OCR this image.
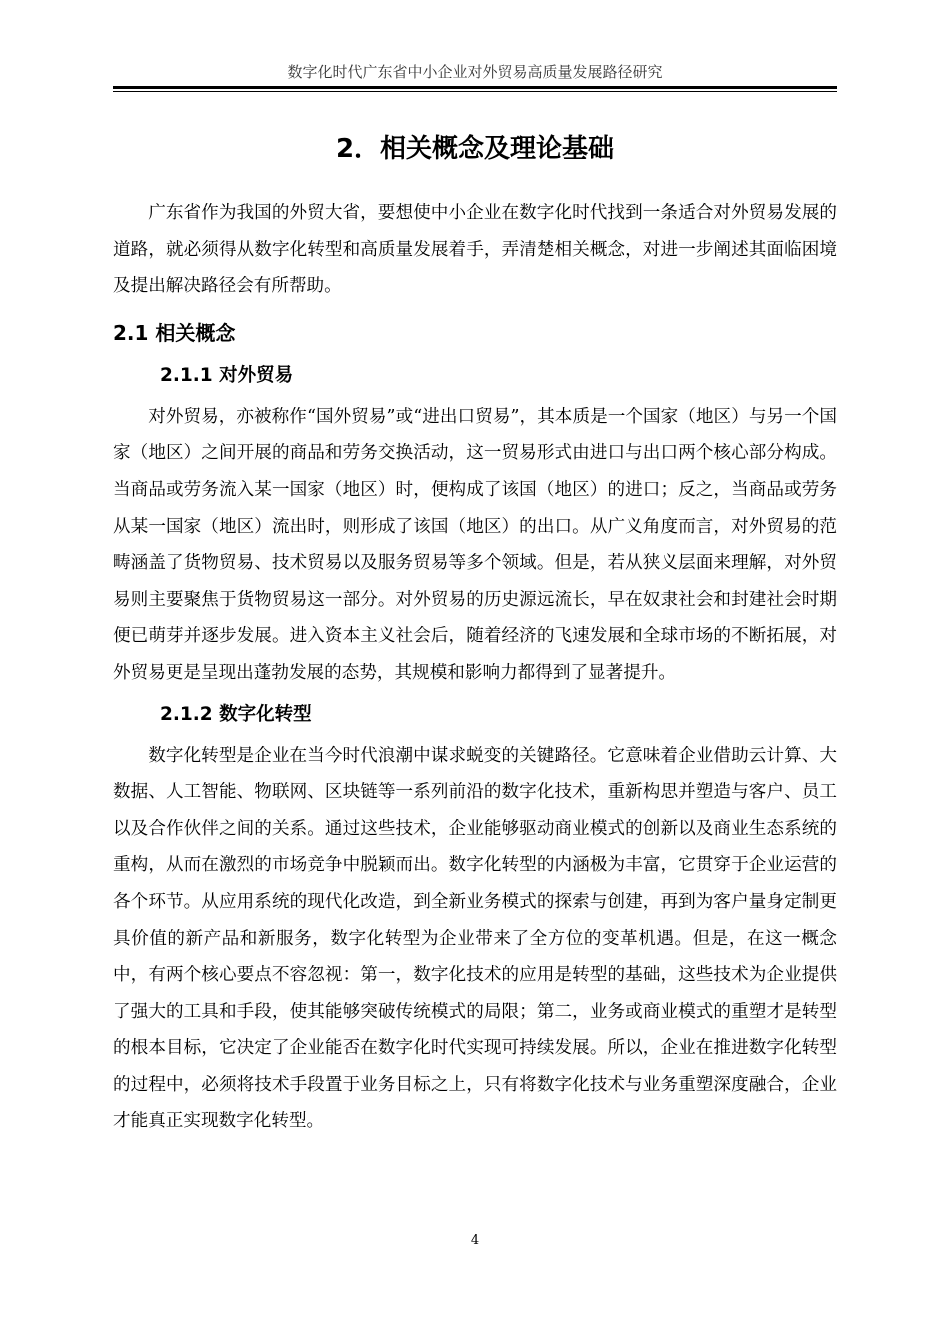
数字化时代广东省中小企业对外贸易高质量发展路径研究
2．相关概念及理论基础

广东省作为我国的外贸大省，要想使中小企业在数字化时代找到一条适合对外贸易发展的道路，就必须得从数字化转型和高质量发展着手，弄清楚相关概念，对进一步阐述其面临困境及提出解决路径会有所帮助。

2.1 相关概念
2.1.1 对外贸易

对外贸易，亦被称作“国外贸易”或“进出口贸易”，其本质是一个国家（地区）与另一个国家（地区）之间开展的商品和劳务交换活动，这一贸易形式由进口与出口两个核心部分构成。当商品或劳务流入某一国家（地区）时，便构成了该国（地区）的进口；反之，当商品或劳务从某一国家（地区）流出时，则形成了该国（地区）的出口。从广义角度而言，对外贸易的范畴涵盖了货物贸易、技术贸易以及服务贸易等多个领域。但是，若从狭义层面来理解，对外贸易则主要聚焦于货物贸易这一部分。对外贸易的历史源远流长，早在奴隶社会和封建社会时期便已萌芽并逐步发展。进入资本主义社会后，随着经济的飞速发展和全球市场的不断拓展，对外贸易更是呈现出蓬勃发展的态势，其规模和影响力都得到了显著提升。

2.1.2 数字化转型

数字化转型是企业在当今时代浪潮中谋求蜕变的关键路径。它意味着企业借助云计算、大数据、人工智能、物联网、区块链等一系列前沿的数字化技术，重新构思并塑造与客户、员工以及合作伙伴之间的关系。通过这些技术，企业能够驱动商业模式的创新以及商业生态系统的重构，从而在激烈的市场竞争中脱颖而出。数字化转型的内涵极为丰富，它贯穿于企业运营的各个环节。从应用系统的现代化改造，到全新业务模式的探索与创建，再到为客户量身定制更具价值的新产品和新服务，数字化转型为企业带来了全方位的变革机遇。但是，在这一概念中，有两个核心要点不容忽视：第一，数字化技术的应用是转型的基础，这些技术为企业提供了强大的工具和手段，使其能够突破传统模式的局限；第二，业务或商业模式的重塑才是转型的根本目标，它决定了企业能否在数字化时代实现可持续发展。所以，企业在推进数字化转型的过程中，必须将技术手段置于业务目标之上，只有将数字化技术与业务重塑深度融合，企业才能真正实现数字化转型。

4
